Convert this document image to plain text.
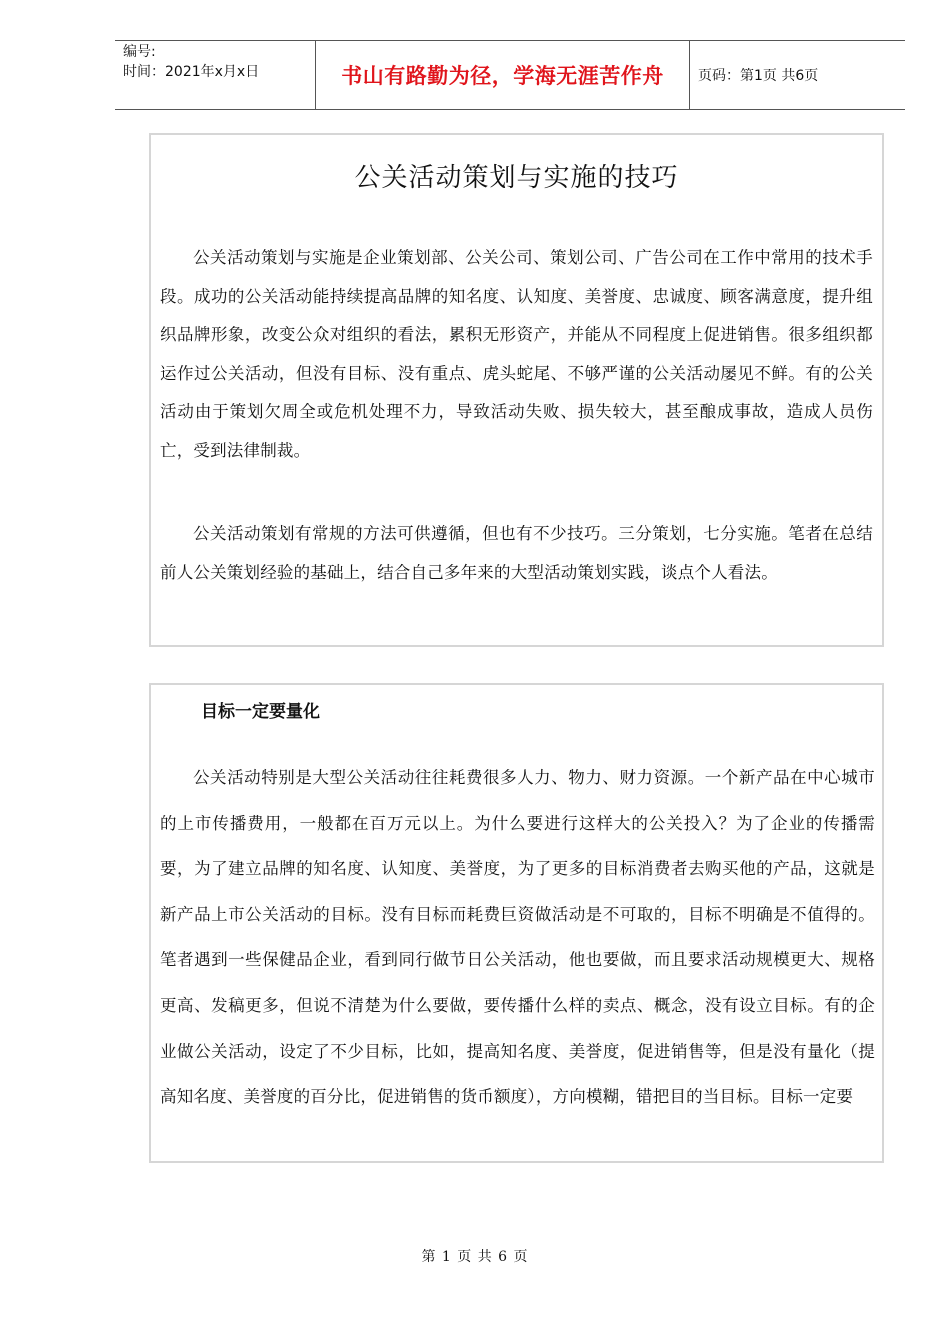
编号:
时间：2021年x月x日	书山有路勤为径，学海无涯苦作舟	页码：第1页 共6页
公关活动策划与实施的技巧
公关活动策划与实施是企业策划部、公关公司、策划公司、广告公司在工作中常用的技术手段。成功的公关活动能持续提高品牌的知名度、认知度、美誉度、忠诚度、顾客满意度，提升组织品牌形象，改变公众对组织的看法，累积无形资产，并能从不同程度上促进销售。很多组织都运作过公关活动，但没有目标、没有重点、虎头蛇尾、不够严谨的公关活动屡见不鲜。有的公关活动由于策划欠周全或危机处理不力，导致活动失败、损失较大，甚至酿成事故，造成人员伤亡，受到法律制裁。
公关活动策划有常规的方法可供遵循，但也有不少技巧。三分策划，七分实施。笔者在总结前人公关策划经验的基础上，结合自己多年来的大型活动策划实践，谈点个人看法。
目标一定要量化
公关活动特别是大型公关活动往往耗费很多人力、物力、财力资源。一个新产品在中心城市的上市传播费用，一般都在百万元以上。为什么要进行这样大的公关投入？为了企业的传播需要，为了建立品牌的知名度、认知度、美誉度，为了更多的目标消费者去购买他的产品，这就是新产品上市公关活动的目标。没有目标而耗费巨资做活动是不可取的，目标不明确是不值得的。笔者遇到一些保健品企业，看到同行做节日公关活动，他也要做，而且要求活动规模更大、规格更高、发稿更多，但说不清楚为什么要做，要传播什么样的卖点、概念，没有设立目标。有的企业做公关活动，设定了不少目标，比如，提高知名度、美誉度，促进销售等，但是没有量化（提高知名度、美誉度的百分比，促进销售的货币额度），方向模糊，错把目的当目标。目标一定要
第 1 页 共 6 页
